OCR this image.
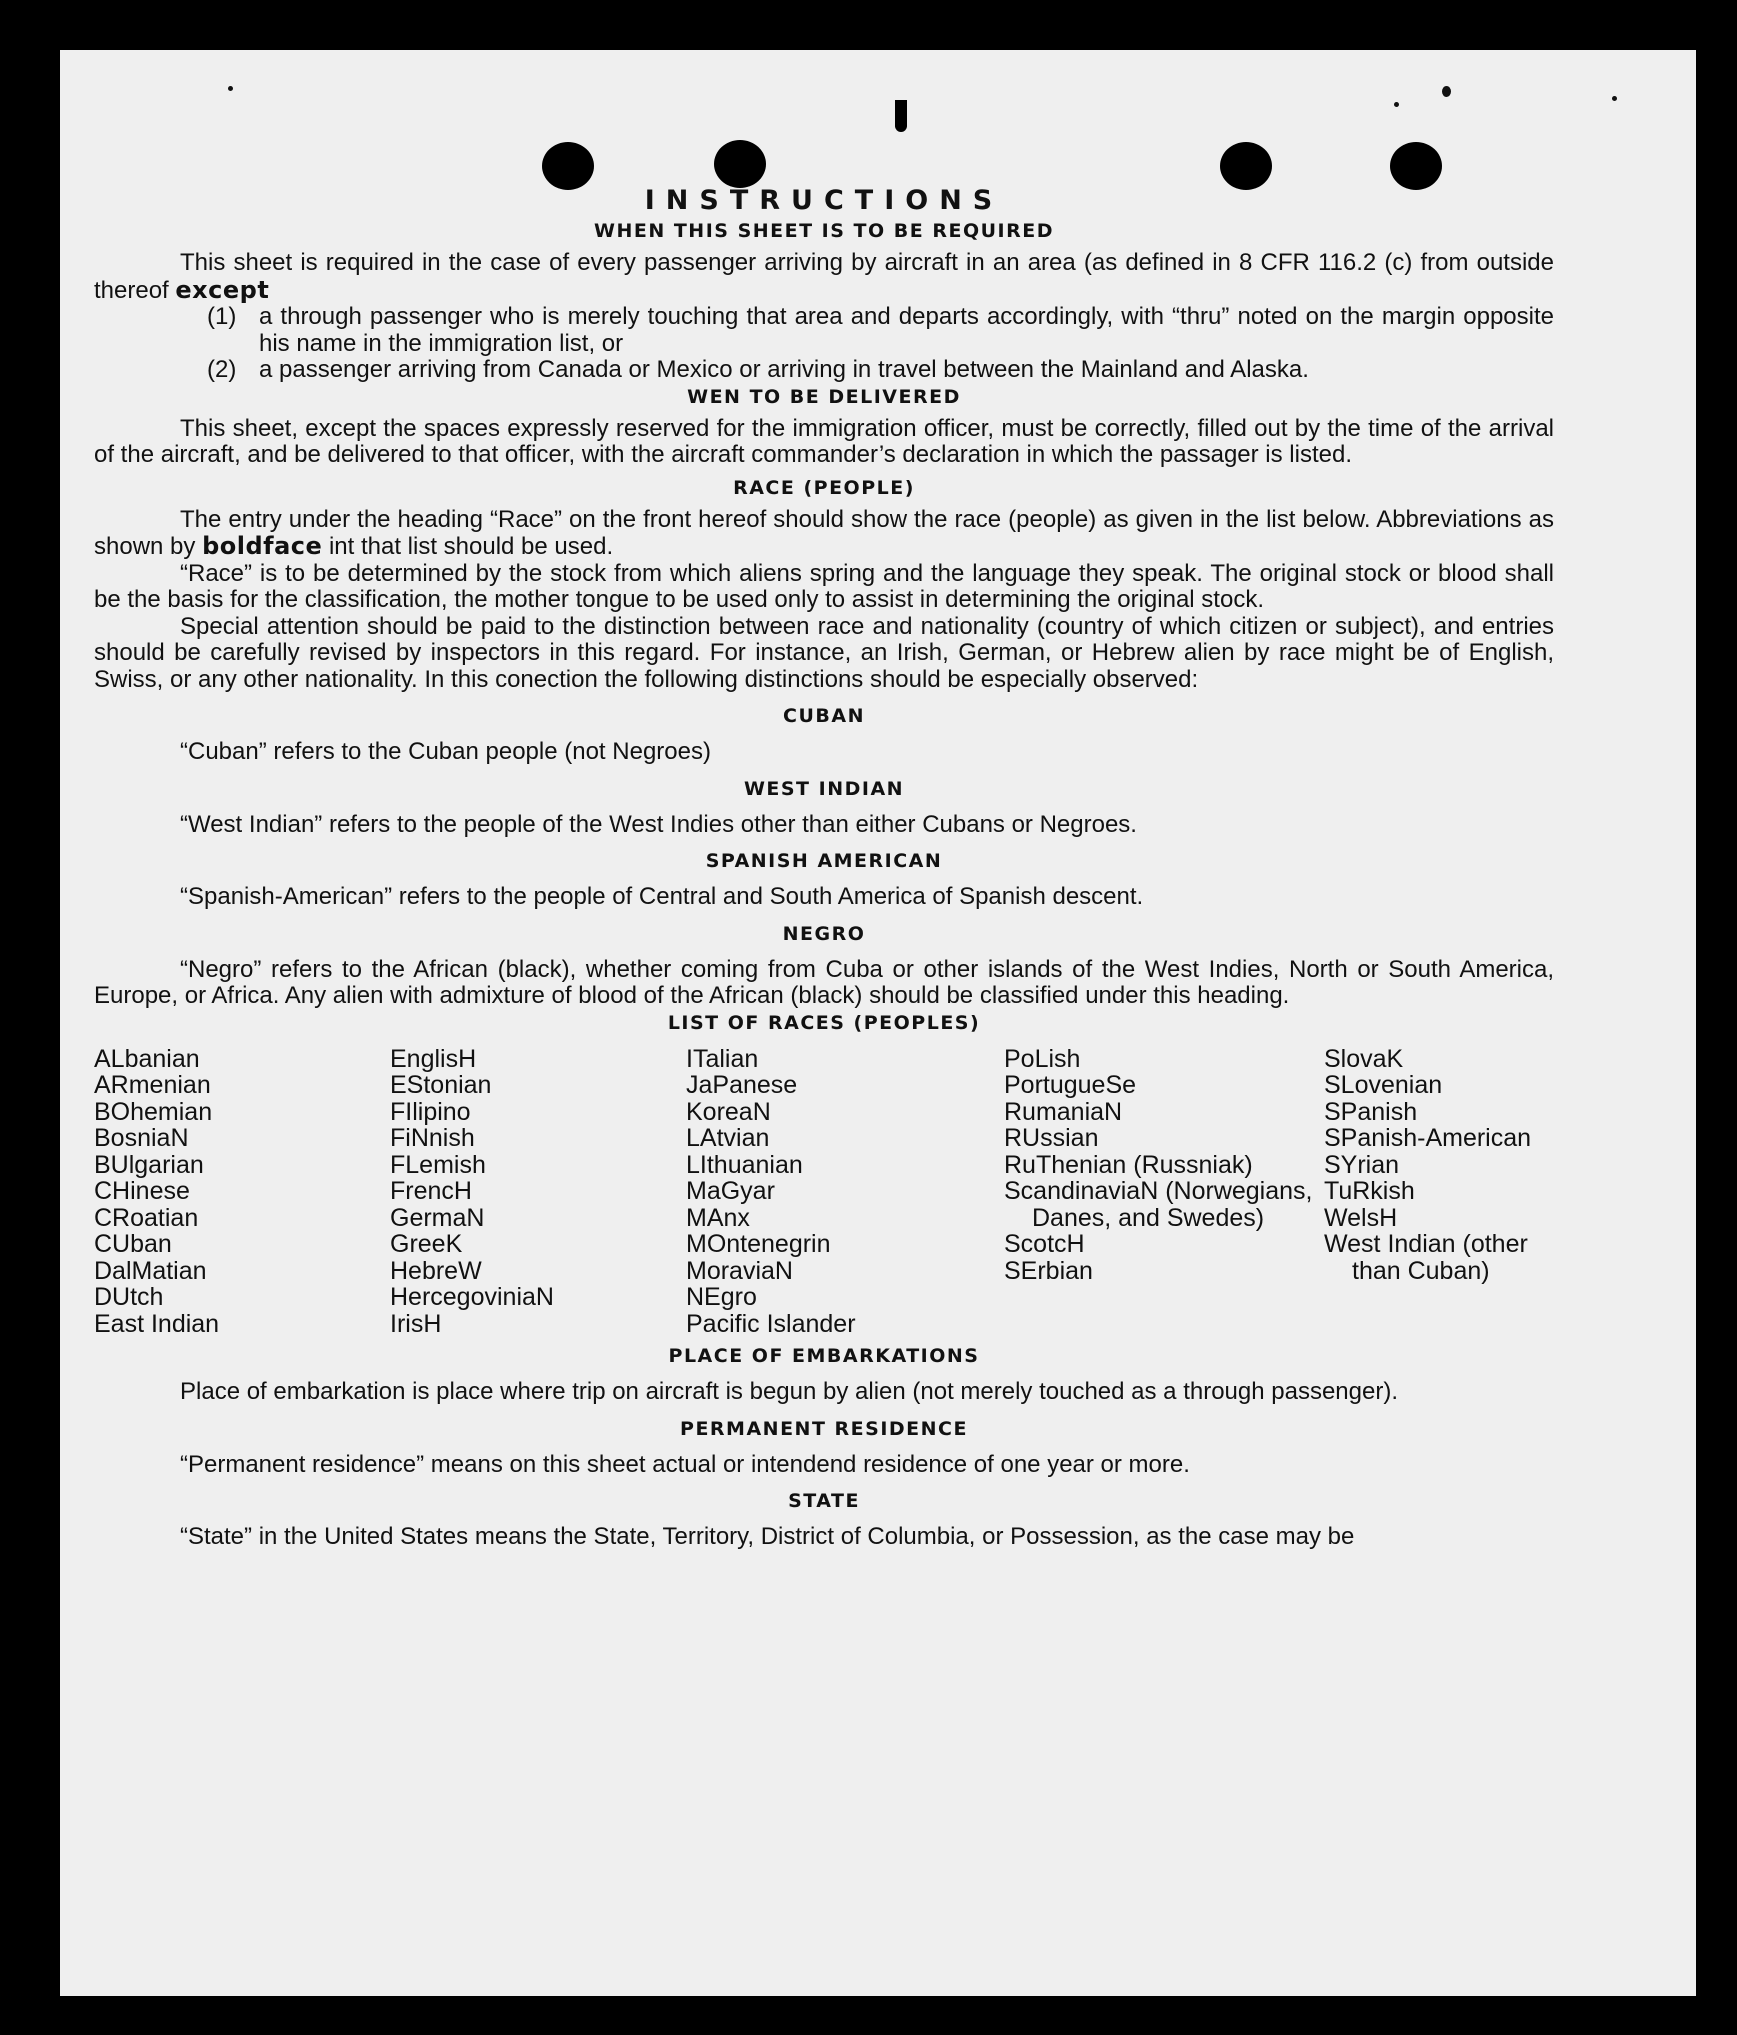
INSTRUCTIONS
WHEN THIS SHEET IS TO BE REQUIRED

This sheet is required in the case of every passenger arriving by aircraft in an area (as defined in 8 CFR 116.2 (c) from outside thereof except

(1) a through passenger who is merely touching that area and departs accordingly, with “thru” noted on the margin opposite his name in the immigration list, or
(2) a passenger arriving from Canada or Mexico or arriving in travel between the Mainland and Alaska.
WEN TO BE DELIVERED

This sheet, except the spaces expressly reserved for the immigration officer, must be correctly, filled out by the time of the arrival of the aircraft, and be delivered to that officer, with the aircraft commander’s declaration in which the passager is listed.

RACE (PEOPLE)

The entry under the heading “Race” on the front hereof should show the race (people) as given in the list below. Abbreviations as shown by boldface int that list should be used.

“Race” is to be determined by the stock from which aliens spring and the language they speak. The original stock or blood shall be the basis for the classification, the mother tongue to be used only to assist in determining the original stock.

Special attention should be paid to the distinction between race and nationality (country of which citizen or subject), and entries should be carefully revised by inspectors in this regard. For instance, an Irish, German, or Hebrew alien by race might be of English, Swiss, or any other nationality. In this conection the following distinctions should be especially observed:

CUBAN

“Cuban” refers to the Cuban people (not Negroes)

WEST INDIAN

“West Indian” refers to the people of the West Indies other than either Cubans or Negroes.

SPANISH AMERICAN

“Spanish-American” refers to the people of Central and South America of Spanish descent.

NEGRO

“Negro” refers to the African (black), whether coming from Cuba or other islands of the West Indies, North or South America, Europe, or Africa. Any alien with admixture of blood of the African (black) should be classified under this heading.

LIST OF RACES (PEOPLES)
ALbanian
ARmenian
BOhemian
BosniaN
BUlgarian
CHinese
CRoatian
CUban
DalMatian
DUtch
East Indian
EnglisH
EStonian
FIlipino
FiNnish
FLemish
FrencH
GermaN
GreeK
HebreW
HercegoviniaN
IrisH
ITalian
JaPanese
KoreaN
LAtvian
LIthuanian
MaGyar
MAnx
MOntenegrin
MoraviaN
NEgro
Pacific Islander
PoLish
PortugueSe
RumaniaN
RUssian
RuThenian (Russniak)
ScandinaviaN (Norwegians, Danes, and Swedes)
ScotcH
SErbian
SlovaK
SLovenian
SPanish
SPanish-American
SYrian
TuRkish
WelsH
West Indian (other than Cuban)
PLACE OF EMBARKATIONS

Place of embarkation is place where trip on aircraft is begun by alien (not merely touched as a through passenger).

PERMANENT RESIDENCE

“Permanent residence” means on this sheet actual or intendend residence of one year or more.

STATE

“State” in the United States means the State, Territory, District of Columbia, or Possession, as the case may be
